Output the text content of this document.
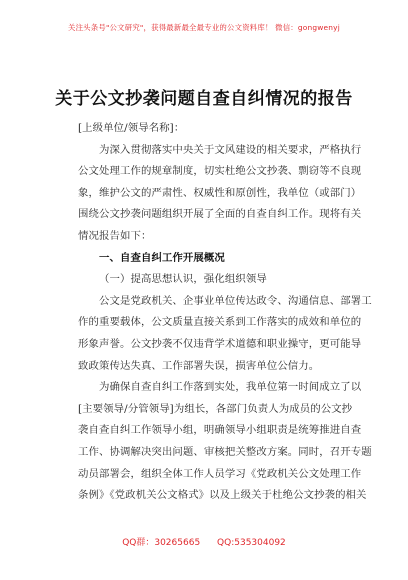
关注头条号"公文研究"，获得最新最全最专业的公文资料库！ 微信：gongwenyj
关于公文抄袭问题自查自纠情况的报告
[上级单位/领导名称]：
为深入贯彻落实中央关于文风建设的相关要求，严格执行
公文处理工作的规章制度，切实杜绝公文抄袭、剽窃等不良现
象，维护公文的严肃性、权威性和原创性，我单位（或部门）
围绕公文抄袭问题组织开展了全面的自查自纠工作。现将有关
情况报告如下：
一、自查自纠工作开展概况
（一）提高思想认识，强化组织领导
公文是党政机关、企事业单位传达政令、沟通信息、部署工
作的重要载体，公文质量直接关系到工作落实的成效和单位的
形象声誉。公文抄袭不仅违背学术道德和职业操守，更可能导
致政策传达失真、工作部署失误，损害单位公信力。
为确保自查自纠工作落到实处，我单位第一时间成立了以
[主要领导/分管领导]为组长，各部门负责人为成员的公文抄
袭自查自纠工作领导小组，明确领导小组职责是统筹推进自查
工作、协调解决突出问题、审核把关整改方案。同时，召开专题
动员部署会，组织全体工作人员学习《党政机关公文处理工作
条例》《党政机关公文格式》以及上级关于杜绝公文抄袭的相关
QQ群：30265665 QQ:535304092
